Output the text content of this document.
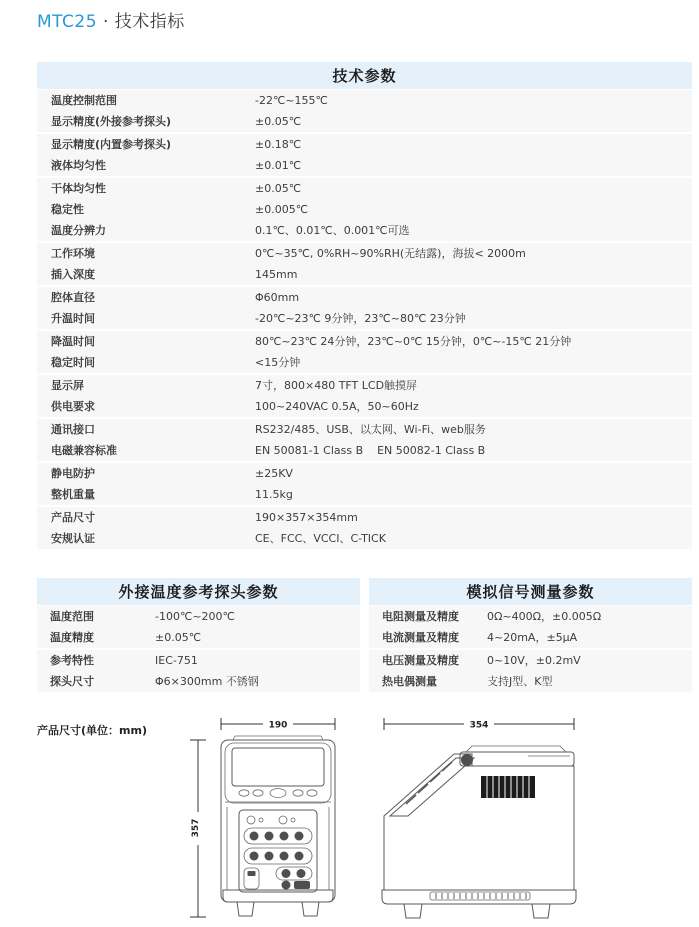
MTC25 · 技术指标
技术参数
温度控制范围	-22℃~155℃
显示精度(外接参考探头)	±0.05℃
显示精度(内置参考探头)	±0.18℃
液体均匀性	±0.01℃
干体均匀性	±0.05℃
稳定性	±0.005℃
温度分辨力	0.1℃、0.01℃、0.001℃可选
工作环境	0℃~35℃, 0%RH~90%RH(无结露)，海拔< 2000m
插入深度	145mm
腔体直径	Φ60mm
升温时间	-20℃~23℃ 9分钟，23℃~80℃ 23分钟
降温时间	80℃~23℃ 24分钟，23℃~0℃ 15分钟，0℃~-15℃ 21分钟
稳定时间	<15分钟
显示屏	7寸，800×480 TFT LCD触摸屏
供电要求	100~240VAC 0.5A，50~60Hz
通讯接口	RS232/485、USB、以太网、Wi-Fi、web服务
电磁兼容标准	EN 50081-1 Class B    EN 50082-1 Class B
静电防护	±25KV
整机重量	11.5kg
产品尺寸	190×357×354mm
安规认证	CE、FCC、VCCI、C-TICK
外接温度参考探头参数
温度范围	-100℃~200℃
温度精度	±0.05℃
参考特性	IEC-751
探头尺寸	Φ6×300mm 不锈钢
模拟信号测量参数
电阻测量及精度	0Ω~400Ω，±0.005Ω
电流测量及精度	4~20mA，±5μA
电压测量及精度	0~10V，±0.2mV
热电偶测量	支持J型、K型
产品尺寸(单位：mm)	190
357
354
